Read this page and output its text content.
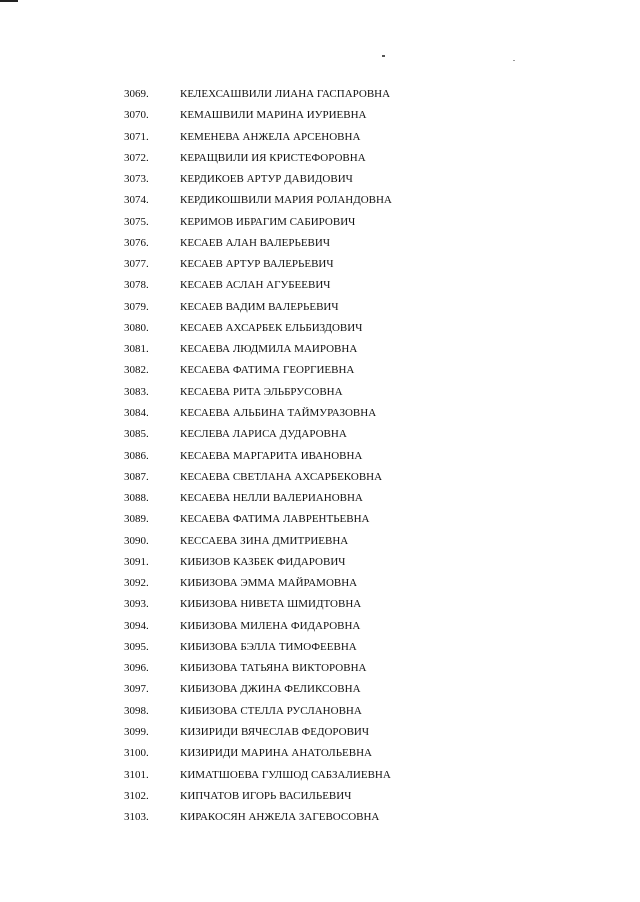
3069.	КЕЛЕХСАШВИЛИ ЛИАНА ГАСПАРОВНА
3070.	КЕМАШВИЛИ МАРИНА ИУРИЕВНА
3071.	КЕМЕНЕВА АНЖЕЛА АРСЕНОВНА
3072.	КЕРАЩВИЛИ ИЯ КРИСТЕФОРОВНА
3073.	КЕРДИКОЕВ АРТУР ДАВИДОВИЧ
3074.	КЕРДИКОШВИЛИ МАРИЯ РОЛАНДОВНА
3075.	КЕРИМОВ ИБРАГИМ САБИРОВИЧ
3076.	КЕСАЕВ АЛАН ВАЛЕРЬЕВИЧ
3077.	КЕСАЕВ АРТУР ВАЛЕРЬЕВИЧ
3078.	КЕСАЕВ АСЛАН АГУБЕЕВИЧ
3079.	КЕСАЕВ ВАДИМ ВАЛЕРЬЕВИЧ
3080.	КЕСАЕВ АХСАРБЕК ЕЛЬБИЗДОВИЧ
3081.	КЕСАЕВА ЛЮДМИЛА МАИРОВНА
3082.	КЕСАЕВА ФАТИМА ГЕОРГИЕВНА
3083.	КЕСАЕВА РИТА ЭЛЬБРУСОВНА
3084.	КЕСАЕВА АЛЬБИНА ТАЙМУРАЗОВНА
3085.	КЕСЛЕВА ЛАРИСА ДУДАРОВНА
3086.	КЕСАЕВА МАРГАРИТА ИВАНОВНА
3087.	КЕСАЕВА СВЕТЛАНА АХСАРБЕКОВНА
3088.	КЕСАЕВА НЕЛЛИ ВАЛЕРИАНОВНА
3089.	КЕСАЕВА ФАТИМА ЛАВРЕНТЬЕВНА
3090.	КЕССАЕВА ЗИНА ДМИТРИЕВНА
3091.	КИБИЗОВ КАЗБЕК ФИДАРОВИЧ
3092.	КИБИЗОВА ЭММА МАЙРАМОВНА
3093.	КИБИЗОВА НИВЕТА ШМИДТОВНА
3094.	КИБИЗОВА МИЛЕНА ФИДАРОВНА
3095.	КИБИЗОВА БЭЛЛА ТИМОФЕЕВНА
3096.	КИБИЗОВА ТАТЬЯНА ВИКТОРОВНА
3097.	КИБИЗОВА ДЖИНА ФЕЛИКСОВНА
3098.	КИБИЗОВА СТЕЛЛА РУСЛАНОВНА
3099.	КИЗИРИДИ ВЯЧЕСЛАВ ФЕДОРОВИЧ
3100.	КИЗИРИДИ МАРИНА АНАТОЛЬЕВНА
3101.	КИМАТШОЕВА ГУЛШОД САБЗАЛИЕВНА
3102.	КИПЧАТОВ ИГОРЬ ВАСИЛЬЕВИЧ
3103.	КИРАКОСЯН АНЖЕЛА ЗАГЕВОСОВНА
